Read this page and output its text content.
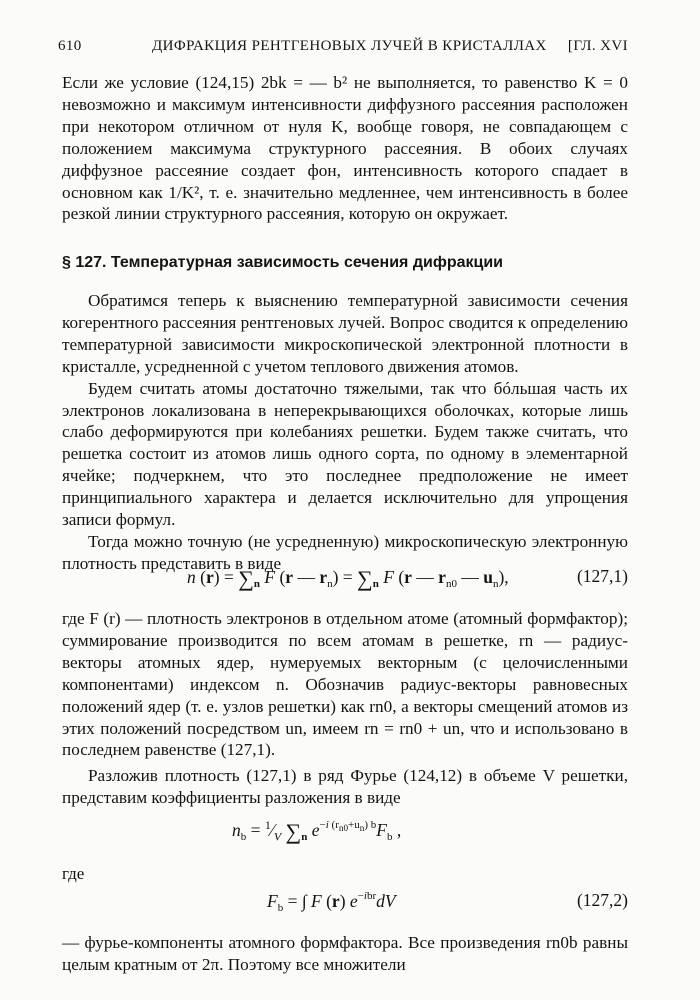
610	ДИФРАКЦИЯ РЕНТГЕНОВЫХ ЛУЧЕЙ В КРИСТАЛЛАХ [ГЛ. XVI

Если же условие (124,15) 2bk = — b² не выполняется, то равенство K = 0 невозможно и максимум интенсивности диффузного рассеяния расположен при некотором отличном от нуля K, вообще говоря, не совпадающем с положением максимума структурного рассеяния. В обоих случаях диффузное рассеяние создает фон, интенсивность которого спадает в основном как 1/K², т. е. значительно медленнее, чем интенсивность в более резкой линии структурного рассеяния, которую он окружает.

§ 127. Температурная зависимость сечения дифракции

Обратимся теперь к выяснению температурной зависимости сечения когерентного рассеяния рентгеновых лучей. Вопрос сводится к определению температурной зависимости микроскопической электронной плотности в кристалле, усредненной с учетом теплового движения атомов.

Будем считать атомы достаточно тяжелыми, так что бóльшая часть их электронов локализована в неперекрывающихся оболочках, которые лишь слабо деформируются при колебаниях решетки. Будем также считать, что решетка состоит из атомов лишь одного сорта, по одному в элементарной ячейке; подчеркнем, что это последнее предположение не имеет принципиального характера и делается исключительно для упрощения записи формул.

Тогда можно точную (не усредненную) микроскопическую электронную плотность представить в виде

n $(r) = \sum_n$ F (r — $r_n) = \sum_n$ F (r — $r_{n0}$ — $u_n$),	(127,1)

где F (r) — плотность электронов в отдельном атоме (атомный формфактор); суммирование производится по всем атомам в решетке, rn — радиус-векторы атомных ядер, нумеруемых векторным (с целочисленными компонентами) индексом n. Обозначив радиус-векторы равновесных положений ядер (т. е. узлов решетки) как rn0, а векторы смещений атомов из этих положений посредством un, имеем rn = rn0 + un, что и использовано в последнем равенстве (127,1).

Разложив плотность (127,1) в ряд Фурье (124,12) в объеме V решетки, представим коэффициенты разложения в виде

$n_b$ = $^1⁄_V$ $\sum_n$ $e^{-i (r_{n0}+u_n) b}F_b$ ,
где
$F_b$ = ∫ F (r) $e^{-ibr}dV$	(127,2)

— фурье-компоненты атомного формфактора. Все произведения rn0b равны целым кратным от 2π. Поэтому все множители
